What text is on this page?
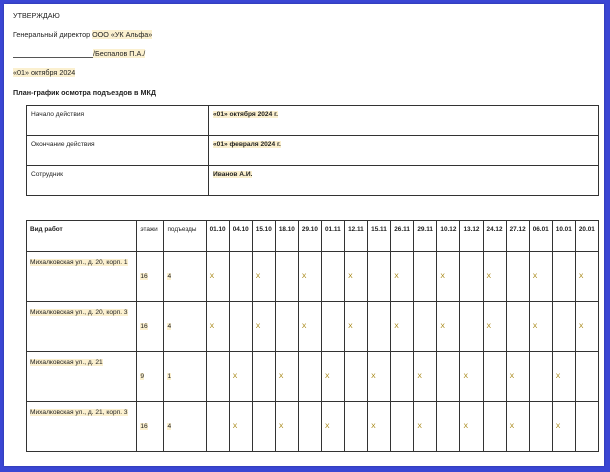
УТВЕРЖДАЮ
Генеральный директор ООО «УК Альфа»
/Беспалов П.А./
«01» октября 2024
План-график осмотра подъездов в МКД
Начало действия	«01» октября 2024 г.
Окончание действия	«01» февраля 2024 г.
Сотрудник	Иванов А.И.
Вид работ	этажи	подъезды	01.10	04.10	15.10	18.10	29.10	01.11	12.11	15.11	26.11	29.11	10.12	13.12	24.12	27.12	06.01	10.01	20.01
Михалковская ул., д. 20, корп. 1	16	4	X		X		X		X		X		X		X		X		X
Михалковская ул., д. 20, корп. 3	16	4	X		X		X		X		X		X		X		X		X
Михалковская ул., д. 21	9	1		X		X		X		X		X		X		X		X	
Михалковская ул., д. 21, корп. 3	16	4		X		X		X		X		X		X		X		X	
